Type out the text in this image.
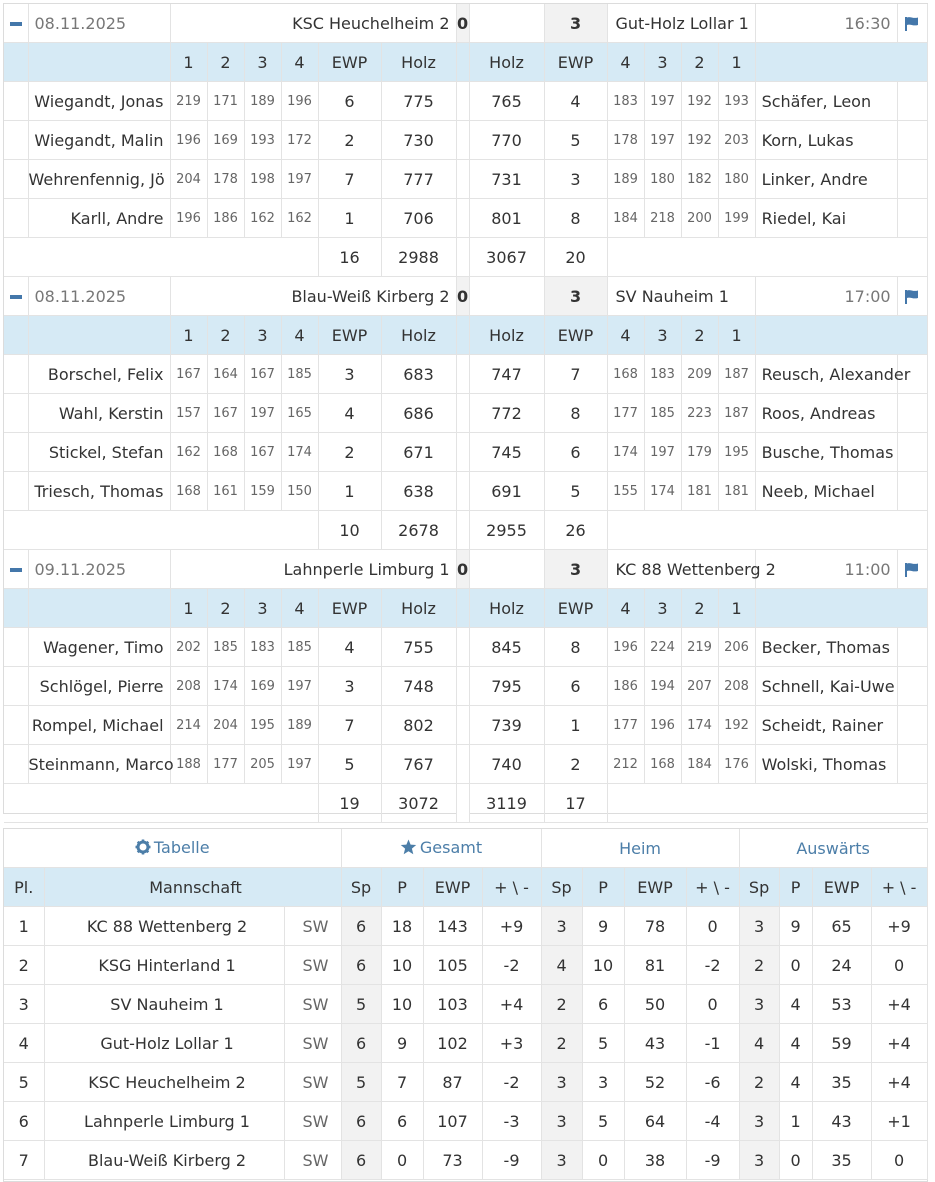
	08.11.2025	KSC Heuchelheim 2						0		3	Gut-Holz Lollar 1				16:30	
		1	2	3	4	EWP	Holz		Holz	EWP	4	3	2	1		
	Wiegandt, Jonas	219	171	189	196	6	775		765	4	183	197	192	193	Schäfer, Leon	
	Wiegandt, Malin	196	169	193	172	2	730		770	5	178	197	192	203	Korn, Lukas	
	Wehrenfennig, Jö	204	178	198	197	7	777		731	3	189	180	182	180	Linker, Andre	
	Karll, Andre	196	186	162	162	1	706		801	8	184	218	200	199	Riedel, Kai	
						16	2988		3067	20						
	08.11.2025	Blau-Weiß Kirberg 2						0		3	SV Nauheim 1				17:00	
		1	2	3	4	EWP	Holz		Holz	EWP	4	3	2	1		
	Borschel, Felix	167	164	167	185	3	683		747	7	168	183	209	187	Reusch, Alexander	
	Wahl, Kerstin	157	167	197	165	4	686		772	8	177	185	223	187	Roos, Andreas	
	Stickel, Stefan	162	168	167	174	2	671		745	6	174	197	179	195	Busche, Thomas	
	Triesch, Thomas	168	161	159	150	1	638		691	5	155	174	181	181	Neeb, Michael	
						10	2678		2955	26						
	09.11.2025	Lahnperle Limburg 1						0		3	KC 88 Wettenberg 2				11:00	
		1	2	3	4	EWP	Holz		Holz	EWP	4	3	2	1		
	Wagener, Timo	202	185	183	185	4	755		845	8	196	224	219	206	Becker, Thomas	
	Schlögel, Pierre	208	174	169	197	3	748		795	6	186	194	207	208	Schnell, Kai-Uwe	
	Rompel, Michael	214	204	195	189	7	802		739	1	177	196	174	192	Scheidt, Rainer	
	Steinmann, Marco	188	177	205	197	5	767		740	2	212	168	184	176	Wolski, Thomas	
						19	3072		3119	17						
Tabelle			Gesamt				Heim				Auswärts			
Pl.	Mannschaft		Sp	P	EWP	+ \ -	Sp	P	EWP	+ \ -	Sp	P	EWP	+ \ -
1	KC 88 Wettenberg 2	SW	6	18	143	+9	3	9	78	0	3	9	65	+9
2	KSG Hinterland 1	SW	6	10	105	-2	4	10	81	-2	2	0	24	0
3	SV Nauheim 1	SW	5	10	103	+4	2	6	50	0	3	4	53	+4
4	Gut-Holz Lollar 1	SW	6	9	102	+3	2	5	43	-1	4	4	59	+4
5	KSC Heuchelheim 2	SW	5	7	87	-2	3	3	52	-6	2	4	35	+4
6	Lahnperle Limburg 1	SW	6	6	107	-3	3	5	64	-4	3	1	43	+1
7	Blau-Weiß Kirberg 2	SW	6	0	73	-9	3	0	38	-9	3	0	35	0
